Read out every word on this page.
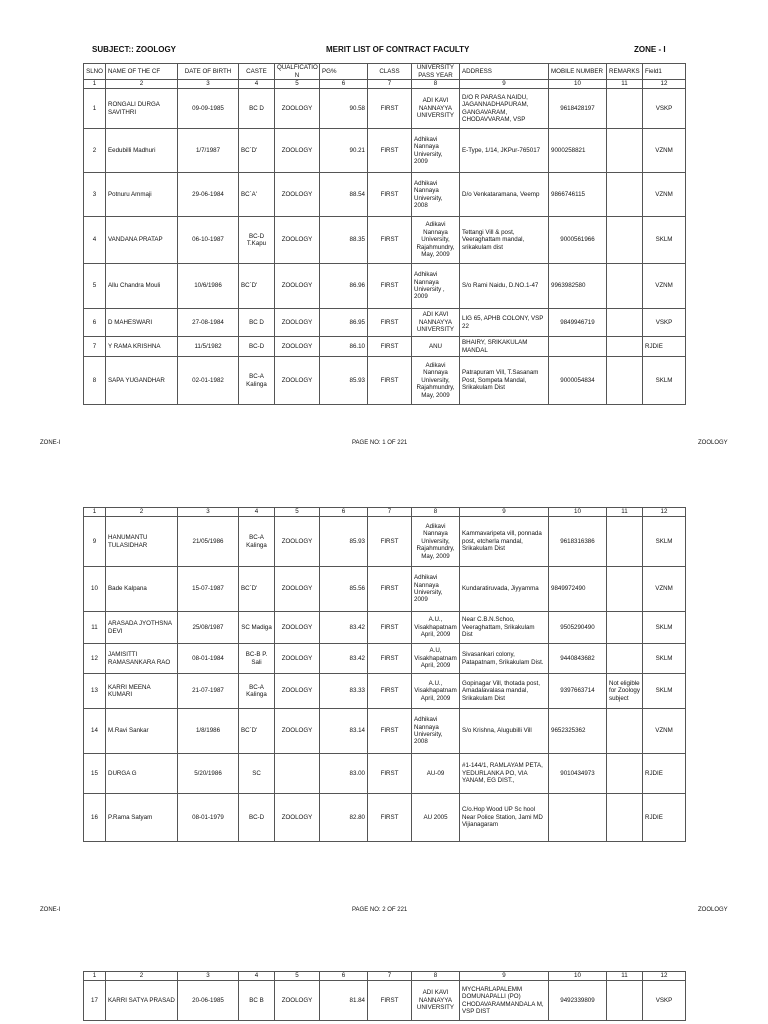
SUBJECT:: ZOOLOGY	MERIT LIST OF CONTRACT FACULTY	ZONE - I
SLNO	NAME OF THE CF	DATE OF BIRTH	CASTE	QUALFICATIO N	PG%	CLASS	UNIVERSITY PASS YEAR	ADDRESS	MOBILE NUMBER	REMARKS	Field1
1	2	3	4	5	6	7	8	9	10	11	12
1	RONGALI DURGA SAVITHRI	09-09-1985	BC D	ZOOLOGY	90.58	FIRST	ADI KAVI NANNAYYA UNIVERSITY	D/O R PARASA NAIDU, JAGANNADHAPURAM, GANGAVARAM, CHODAVVARAM, VSP	9618428197		VSKP
2	Eedubilli Madhuri	1/7/1987	BC`D'	ZOOLOGY	90.21	FIRST	Adhikavi Nannaya University, 2009	E-Type, 1/14, JKPur-765017	9000258821		VZNM
3	Potnuru Ammaji	29-06-1984	BC`A'	ZOOLOGY	88.54	FIRST	Adhikavi Nannaya University, 2008	D/o Venkataramana, Veemp	9866746115		VZNM
4	VANDANA PRATAP	06-10-1987	BC-D T.Kapu	ZOOLOGY	88.35	FIRST	Adikavi Nannaya University, Rajahmundry, May, 2009	Tettangi Vill & post, Veeraghattam mandal, srikakulam dist	9000561966		SKLM
5	Allu Chandra Mouli	10/6/1986	BC`D'	ZOOLOGY	86.96	FIRST	Adhikavi Nannaya University , 2009	S/o Rami Naidu, D.NO.1-47	9963982580		VZNM
6	D MAHESWARI	27-08-1984	BC D	ZOOLOGY	86.95	FIRST	ADI KAVI NANNAYYA UNIVERSITY	LIG 65, APHB COLONY, VSP 22	9849946719		VSKP
7	Y RAMA KRISHNA	11/5/1982	BC-D	ZOOLOGY	86.10	FIRST	ANU	BHAIRY, SRIKAKULAM MANDAL			RJDIE
8	SAPA YUGANDHAR	02-01-1982	BC-A Kalinga	ZOOLOGY	85.93	FIRST	Adikavi Nannaya University, Rajahmundry, May, 2009	Patrapuram Vill, T.Sasanam Post, Sompeta Mandal, Srikakulam Dist	9000054834		SKLM
ZONE-I	PAGE NO: 1 OF 221	ZOOLOGY
1	2	3	4	5	6	7	8	9	10	11	12
9	HANUMANTU TULASIDHAR	21/05/1986	BC-A Kalinga	ZOOLOGY	85.93	FIRST	Adikavi Nannaya University, Rajahmundry, May, 2009	Kammavaripeta vill, ponnada post, etcherla mandal, Srikakulam Dist	9618316386		SKLM
10	Bade Kalpana	15-07-1987	BC`D'	ZOOLOGY	85.56	FIRST	Adhikavi Nannaya University, 2009	Kundaratiruvada, Jiyyamma	9849972490		VZNM
11	ARASADA JYOTHSNA DEVI	25/08/1987	SC Madiga	ZOOLOGY	83.42	FIRST	A.U., Visakhapatnam April, 2009	Near C.B.N.Schoo, Veeraghattam, Srikakulam Dist	9505290490		SKLM
12	JAMISITTI RAMASANKARA RAO	08-01-1984	BC-B P. Sali	ZOOLOGY	83.42	FIRST	A.U, Visakhapatnam April, 2009	Sivasankari colony, Patapatnam, Srikakulam Dist.	9440843682		SKLM
13	KARRI MEENA KUMARI	21-07-1987	BC-A Kalinga	ZOOLOGY	83.33	FIRST	A.U., Visakhapatnam April, 2009	Gopinagar Vill, thotada post, Amadalavalasa mandal, Srikakulam Dist	9397663714	Not eligible for Zoology subject	SKLM
14	M.Ravi Sankar	1/8/1986	BC`D'	ZOOLOGY	83.14	FIRST	Adhikavi Nannaya University, 2008	S/o Krishna, Alugubilli Vill	9652325362		VZNM
15	DURGA G	5/20/1986	SC		83.00	FIRST	AU-09	#1-144/1, RAMLAYAM PETA, YEDURLANKA PO, VIA YANAM, EG DIST.,	9010434973		RJDIE
16	P.Rama Satyam	08-01-1979	BC-D	ZOOLOGY	82.80	FIRST	AU 2005	C/o.Hop Wood UP Sc hool Near Police Station, Jami MD Vijianagaram			RJDIE
ZONE-I	PAGE NO: 2 OF 221	ZOOLOGY
1	2	3	4	5	6	7	8	9	10	11	12
17	KARRI SATYA PRASAD	20-06-1985	BC B	ZOOLOGY	81.84	FIRST	ADI KAVI NANNAYYA UNIVERSITY	MYCHARLAPALEMM DOMUNAPALLI (PO) CHODAVARAMMANDALA M, VSP DIST	9492339809		VSKP
